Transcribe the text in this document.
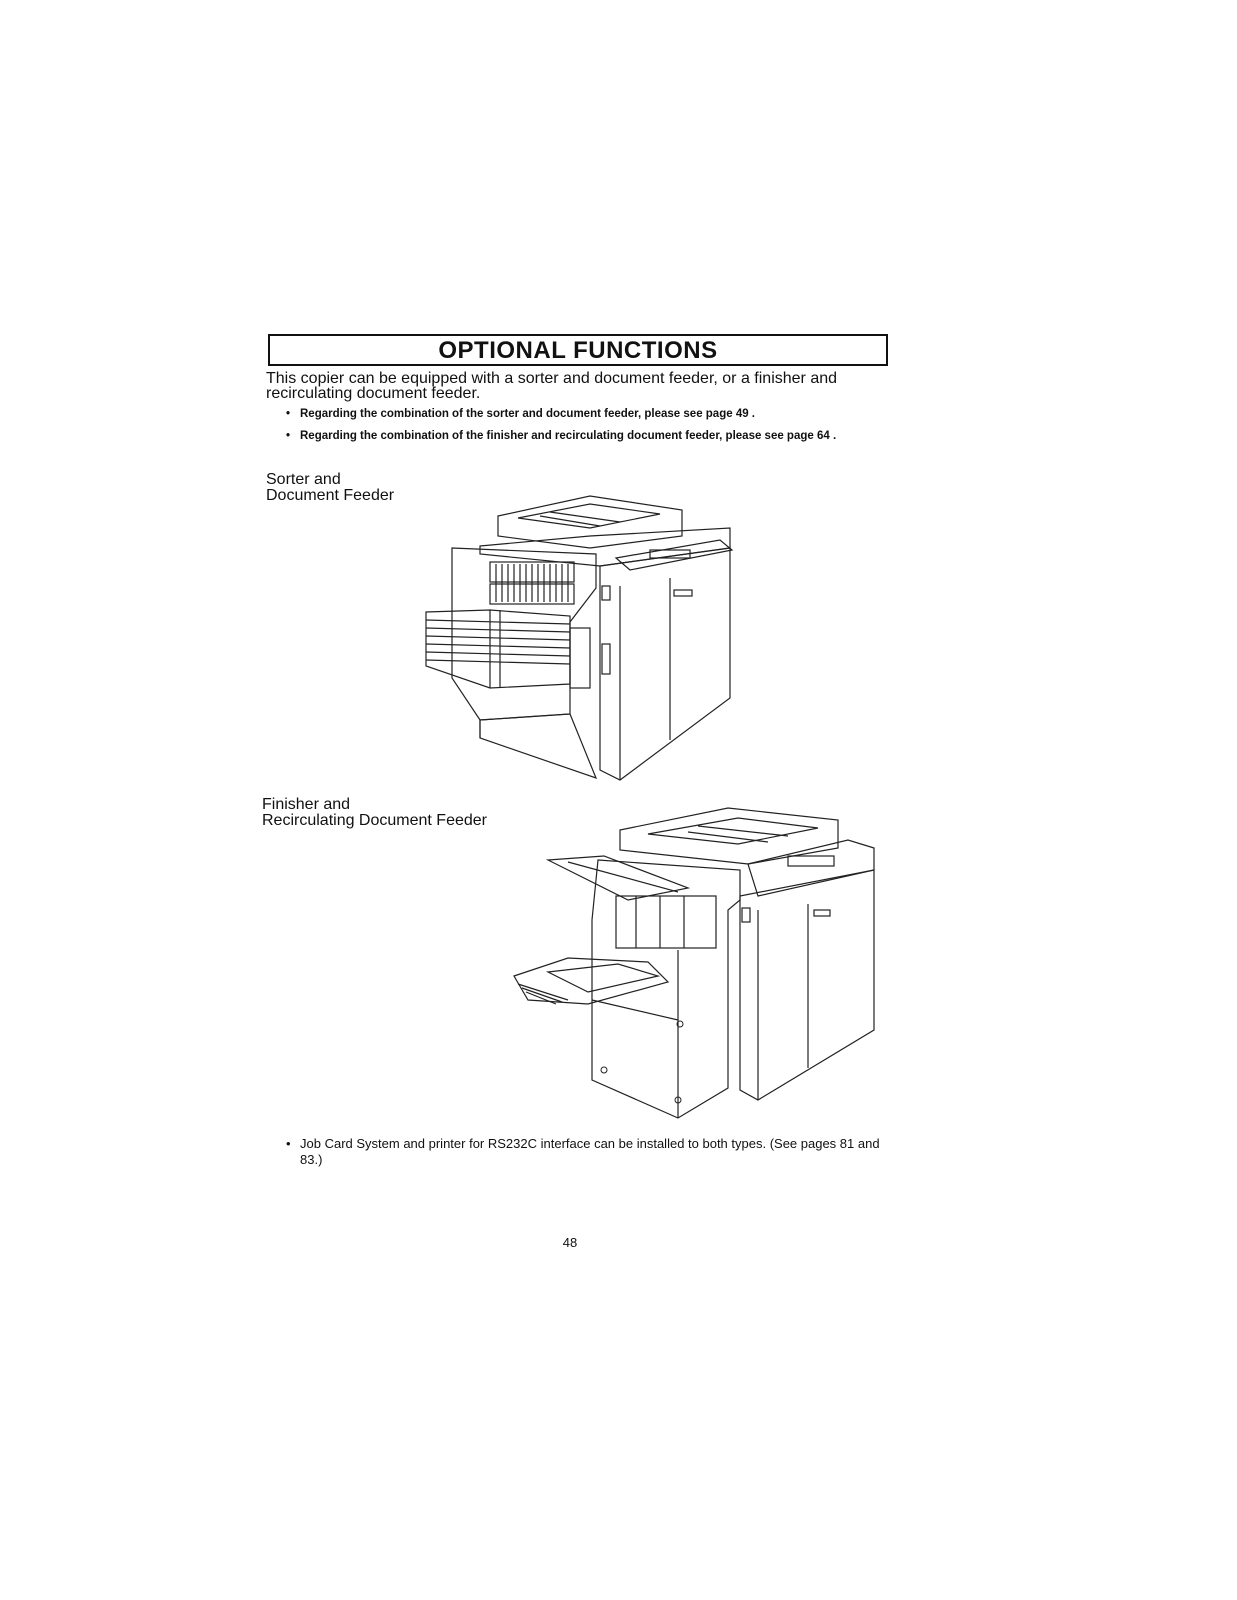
OPTIONAL FUNCTIONS
This copier can be equipped with a sorter and document feeder, or a finisher and
recirculating document feeder.
• Regarding the combination of the sorter and document feeder, please see page 49 .
• Regarding the combination of the finisher and recirculating document feeder, please see page 64 .
Sorter and
Document Feeder
Finisher and
Recirculating Document Feeder
• Job Card System and printer for RS232C interface can be installed to both types. (See pages 81 and 83.)
48
